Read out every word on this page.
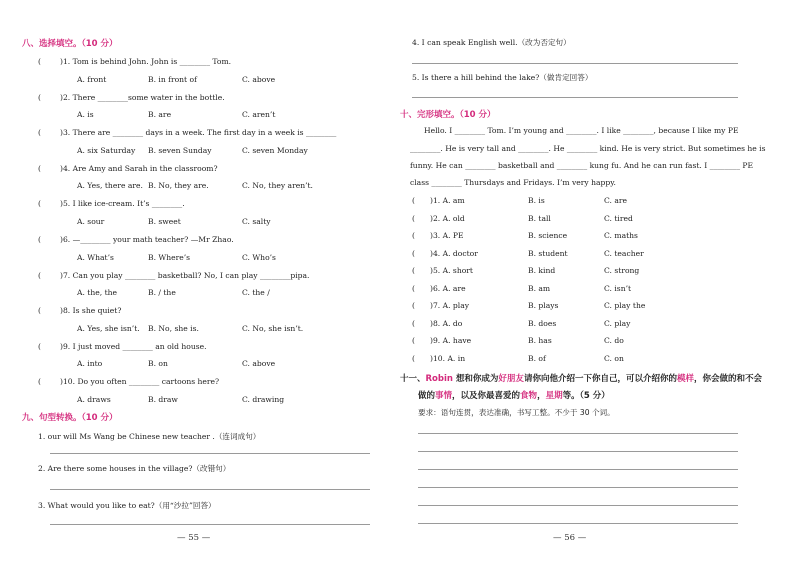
八、选择填空。（10 分）
九、句型转换。（10 分）
1. our will Ms Wang be Chinese new teacher .（连词成句）
2. Are there some houses in the village?（改错句）
3. What would you like to eat?（用“沙拉”回答）
— 55 —
(	)1. Tom is behind John. John is ________ Tom.
A. front	B. in front of	C. above
(	)2. There ________some water in the bottle.
A. is	B. are	C. aren’t
(	)3. There are ________ days in a week. The first day in a week is ________
A. six Saturday B. seven Sunday	C. seven Monday
(	)4. Are Amy and Sarah in the classroom?
A. Yes, there are. B. No, they are.	C. No, they aren’t.
(	)5. I like ice-cream. It’s ________.
A. sour	B. sweet	C. salty
(	)6. —________ your math teacher? —Mr Zhao.
A. What’s	B. Where’s	C. Who’s
(	)7. Can you play ________ basketball? No, I can play ________pipa.
A. the, the	B. / the	C. the /
(	)8. Is she quiet?
A. Yes, she isn’t. B. No, she is.	C. No, she isn’t.
(	)9. I just moved ________ an old house.
A. into	B. on	C. above
(	)10. Do you often ________ cartoons here?
A. draws	B. draw	C. drawing
4. I can speak English well.（改为否定句）
5. Is there a hill behind the lake?（做肯定回答）
十、完形填空。（10 分）
Hello. I ________ Tom. I’m young and ________. I like ________, because I like my PE
________. He is very tall and ________. He ________ kind. He is very strict. But sometimes he is
funny. He can ________ basketball and ________ kung fu. And he can run fast. I ________ PE
class ________ Thursdays and Fridays. I’m very happy.
十一、Robin 想和你成为好朋友请你向他介绍一下你自己，可以介绍你的模样，你会做的和不会
做的事情，以及你最喜爱的食物，星期等。（5 分）
要求：语句连贯，表达准确，书写工整。不少于 30 个词。
— 56 —
( )1. A. am	B. is	C. are
( )2. A. old	B. tall	C. tired
( )3. A. PE	B. science	C. maths
( )4. A. doctor	B. student	C. teacher
( )5. A. short	B. kind	C. strong
( )6. A. are	B. am	C. isn’t
( )7. A. play	B. plays	C. play the
( )8. A. do	B. does	C. play
( )9. A. have	B. has	C. do
( )10. A. in	B. of	C. on
